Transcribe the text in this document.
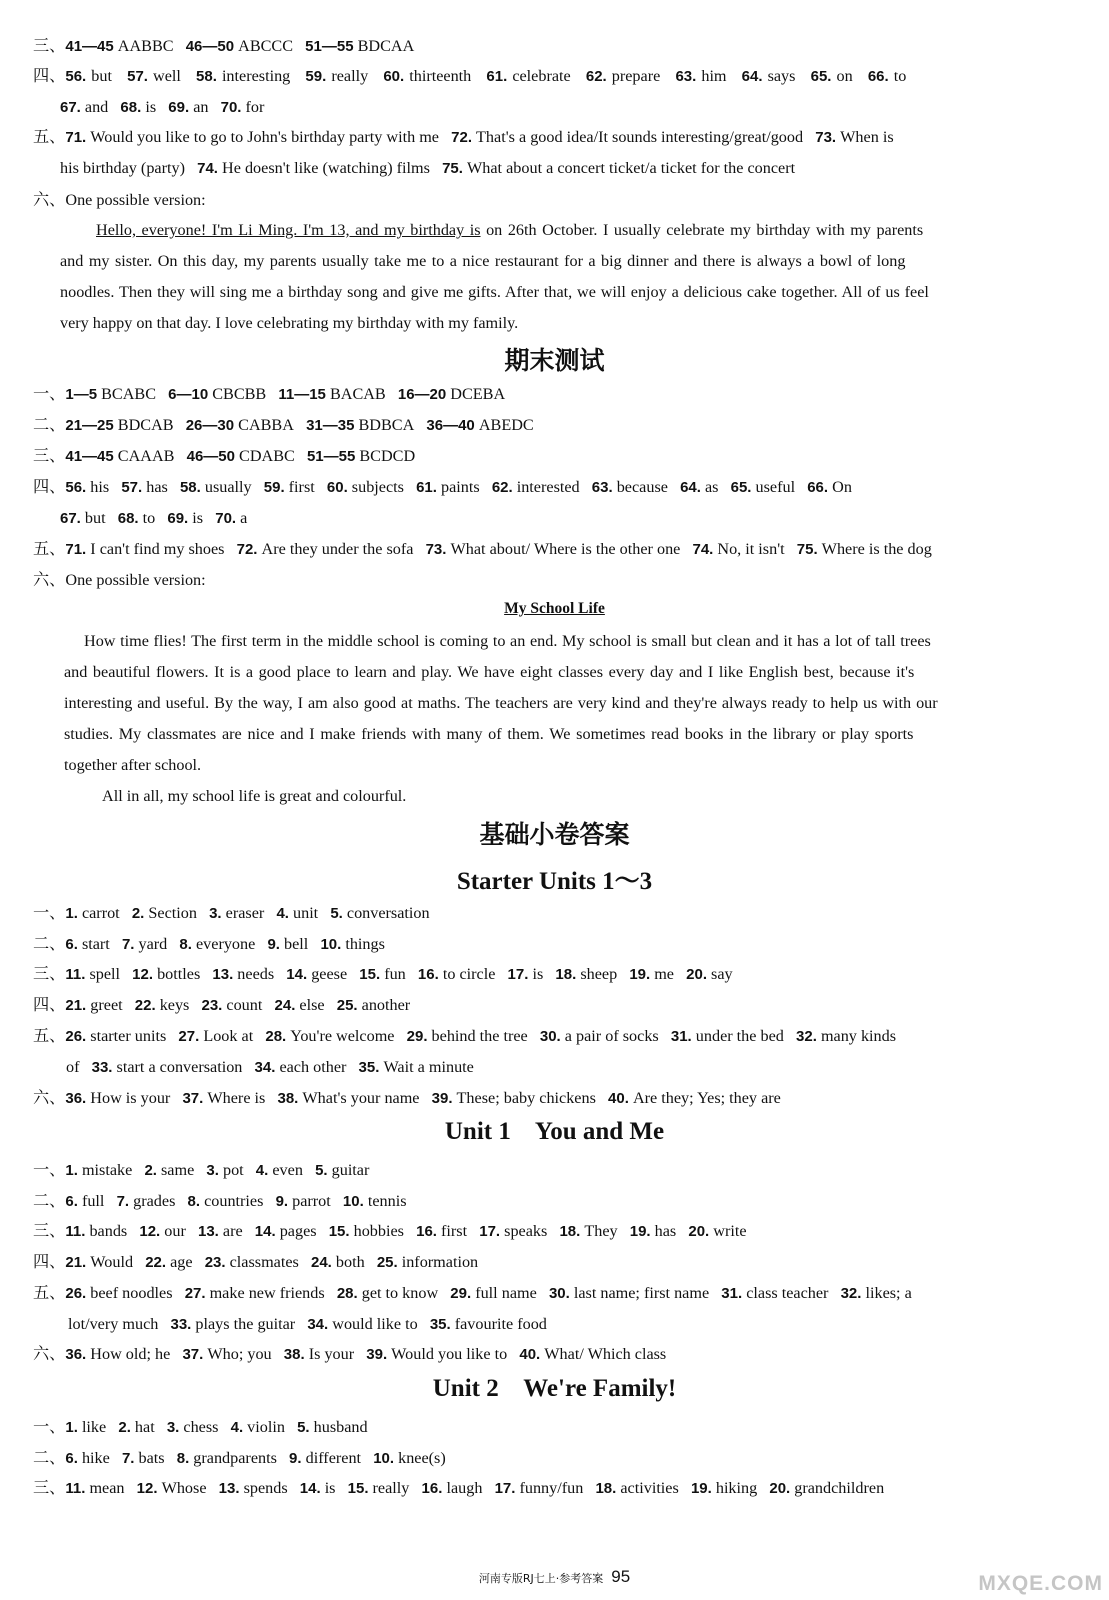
三、41—45 AABBC 46—50 ABCCC 51—55 BDCAA
四、56. but 57. well 58. interesting 59. really 60. thirteenth 61. celebrate 62. prepare 63. him 64. says 65. on 66. to
67. and 68. is 69. an 70. for
五、71. Would you like to go to John's birthday party with me 72. That's a good idea/It sounds interesting/great/good 73. When is
his birthday (party) 74. He doesn't like (watching) films 75. What about a concert ticket/a ticket for the concert
六、One possible version:
Hello, everyone! I'm Li Ming. I'm 13, and my birthday is on 26th October. I usually celebrate my birthday with my parents
and my sister. On this day, my parents usually take me to a nice restaurant for a big dinner and there is always a bowl of long
noodles. Then they will sing me a birthday song and give me gifts. After that, we will enjoy a delicious cake together. All of us feel
very happy on that day. I love celebrating my birthday with my family.
期末测试
一、1—5 BCABC 6—10 CBCBB 11—15 BACAB 16—20 DCEBA
二、21—25 BDCAB 26—30 CABBA 31—35 BDBCA 36—40 ABEDC
三、41—45 CAAAB 46—50 CDABC 51—55 BCDCD
四、56. his 57. has 58. usually 59. first 60. subjects 61. paints 62. interested 63. because 64. as 65. useful 66. On
67. but 68. to 69. is 70. a
五、71. I can't find my shoes 72. Are they under the sofa 73. What about/ Where is the other one 74. No, it isn't 75. Where is the dog
六、One possible version:
My School Life
How time flies! The first term in the middle school is coming to an end. My school is small but clean and it has a lot of tall trees
and beautiful flowers. It is a good place to learn and play. We have eight classes every day and I like English best, because it's
interesting and useful. By the way, I am also good at maths. The teachers are very kind and they're always ready to help us with our
studies. My classmates are nice and I make friends with many of them. We sometimes read books in the library or play sports
together after school.
All in all, my school life is great and colourful.
基础小卷答案
Starter Units 1～3
一、1. carrot 2. Section 3. eraser 4. unit 5. conversation
二、6. start 7. yard 8. everyone 9. bell 10. things
三、11. spell 12. bottles 13. needs 14. geese 15. fun 16. to circle 17. is 18. sheep 19. me 20. say
四、21. greet 22. keys 23. count 24. else 25. another
五、26. starter units 27. Look at 28. You're welcome 29. behind the tree 30. a pair of socks 31. under the bed 32. many kinds
of 33. start a conversation 34. each other 35. Wait a minute
六、36. How is your 37. Where is 38. What's your name 39. These; baby chickens 40. Are they; Yes; they are
Unit 1    You and Me
一、1. mistake 2. same 3. pot 4. even 5. guitar
二、6. full 7. grades 8. countries 9. parrot 10. tennis
三、11. bands 12. our 13. are 14. pages 15. hobbies 16. first 17. speaks 18. They 19. has 20. write
四、21. Would 22. age 23. classmates 24. both 25. information
五、26. beef noodles 27. make new friends 28. get to know 29. full name 30. last name; first name 31. class teacher 32. likes; a
lot/very much 33. plays the guitar 34. would like to 35. favourite food
六、36. How old; he 37. Who; you 38. Is your 39. Would you like to 40. What/ Which class
Unit 2    We're Family!
一、1. like 2. hat 3. chess 4. violin 5. husband
二、6. hike 7. bats 8. grandparents 9. different 10. knee(s)
三、11. mean 12. Whose 13. spends 14. is 15. really 16. laugh 17. funny/fun 18. activities 19. hiking 20. grandchildren
河南专版RJ七上·参考答案 95	MXQE.COM
